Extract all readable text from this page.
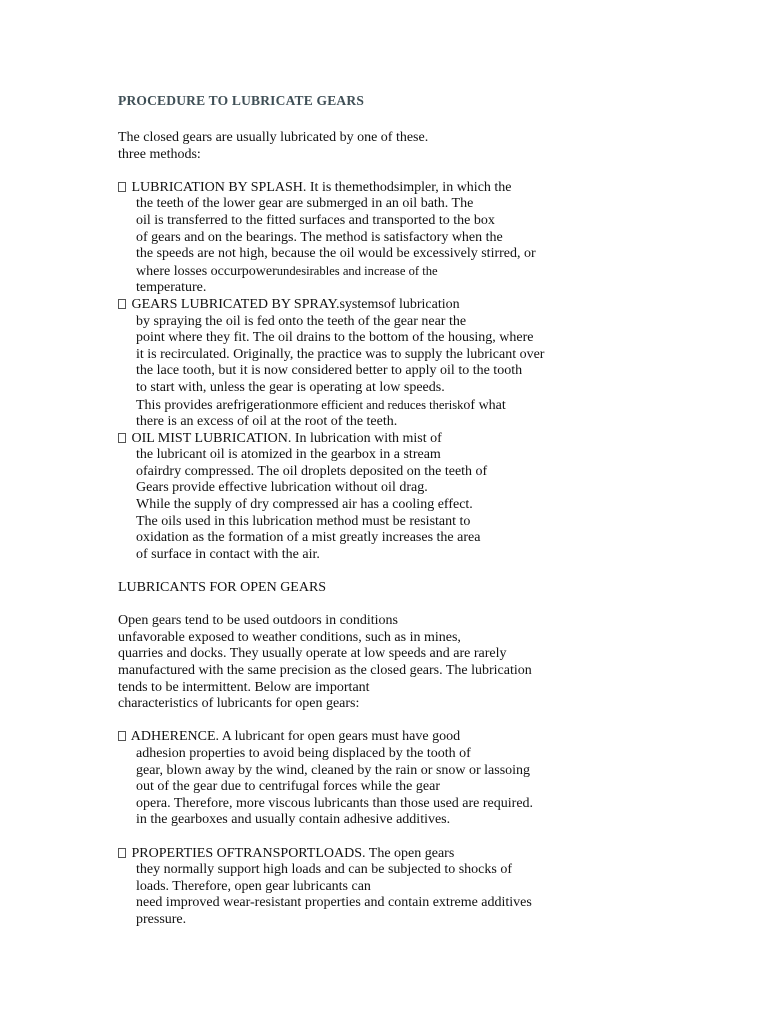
PROCEDURE TO LUBRICATE GEARS
The closed gears are usually lubricated by one of these.
three methods:
LUBRICATION BY SPLASH. It is themethodsimpler, in which the
the teeth of the lower gear are submerged in an oil bath. The
oil is transferred to the fitted surfaces and transported to the box
of gears and on the bearings. The method is satisfactory when the
the speeds are not high, because the oil would be excessively stirred, or
where losses occurpowerundesirables and increase of the
temperature.
GEARS LUBRICATED BY SPRAY.systemsof lubrication
by spraying the oil is fed onto the teeth of the gear near the
point where they fit. The oil drains to the bottom of the housing, where
it is recirculated. Originally, the practice was to supply the lubricant over
the lace tooth, but it is now considered better to apply oil to the tooth
to start with, unless the gear is operating at low speeds.
This provides arefrigerationmore efficient and reduces theriskof what
there is an excess of oil at the root of the teeth.
OIL MIST LUBRICATION. In lubrication with mist of
the lubricant oil is atomized in the gearbox in a stream
ofairdry compressed. The oil droplets deposited on the teeth of
Gears provide effective lubrication without oil drag.
While the supply of dry compressed air has a cooling effect.
The oils used in this lubrication method must be resistant to
oxidation as the formation of a mist greatly increases the area
of surface in contact with the air.
LUBRICANTS FOR OPEN GEARS
Open gears tend to be used outdoors in conditions
unfavorable exposed to weather conditions, such as in mines,
quarries and docks. They usually operate at low speeds and are rarely
manufactured with the same precision as the closed gears. The lubrication
tends to be intermittent. Below are important
characteristics of lubricants for open gears:
ADHERENCE. A lubricant for open gears must have good
adhesion properties to avoid being displaced by the tooth of
gear, blown away by the wind, cleaned by the rain or snow or lassoing
out of the gear due to centrifugal forces while the gear
opera. Therefore, more viscous lubricants than those used are required.
in the gearboxes and usually contain adhesive additives.
PROPERTIES OFTRANSPORTLOADS. The open gears
they normally support high loads and can be subjected to shocks of
loads. Therefore, open gear lubricants can
need improved wear-resistant properties and contain extreme additives
pressure.
